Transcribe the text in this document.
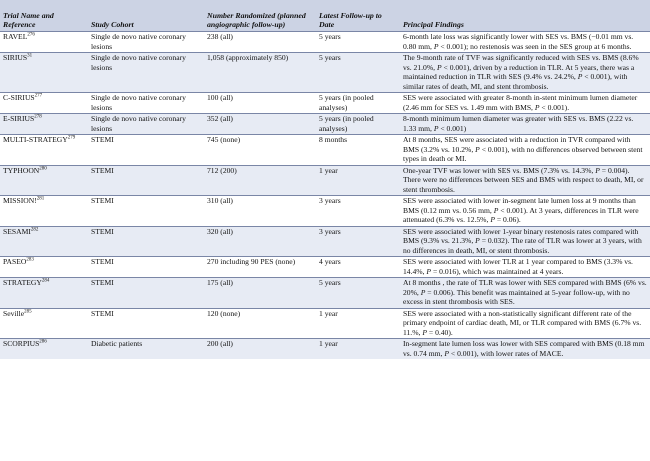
Trial Name and Reference	Study Cohort	Number Randomized (planned angiographic follow-up)	Latest Follow-up to Date	Principal Findings
RAVEL$^{276}$	Single de novo native coronary lesions	238 (all)	5 years	6-month late loss was significantly lower with SES vs. BMS (−0.01 mm vs. 0.80 mm, P < 0.001); no restenosis was seen in the SES group at 6 months.
SIRIUS$^{31}$	Single de novo native coronary lesions	1,058 (approximately 850)	5 years	The 9-month rate of TVF was significantly reduced with SES vs. BMS (8.6% vs. 21.0%, P < 0.001), driven by a reduction in TLR. At 5 years, there was a maintained reduction in TLR with SES (9.4% vs. 24.2%, P < 0.001), with similar rates of death, MI, and stent thrombosis.
C-SIRIUS$^{277}$	Single de novo native coronary lesions	100 (all)	5 years (in pooled analyses)	SES were associated with greater 8-month in-stent minimum lumen diameter (2.46 mm for SES vs. 1.49 mm with BMS, P < 0.001).
E-SIRIUS$^{278}$	Single de novo native coronary lesions	352 (all)	5 years (in pooled analyses)	8-month minimum lumen diameter was greater with SES vs. BMS (2.22 vs. 1.33 mm, P < 0.001)
MULTI-STRATEGY$^{279}$	STEMI	745 (none)	8 months	At 8 months, SES were associated with a reduction in TVR compared with BMS (3.2% vs. 10.2%, P < 0.001), with no differences observed between stent types in death or MI.
TYPHOON$^{280}$	STEMI	712 (200)	1 year	One-year TVF was lower with SES vs. BMS (7.3% vs. 14.3%, P = 0.004). There were no differences between SES and BMS with respect to death, MI, or stent thrombosis.
MISSION!$^{281}$	STEMI	310 (all)	3 years	SES were associated with lower in-segment late lumen loss at 9 months than BMS (0.12 mm vs. 0.56 mm, P < 0.001). At 3 years, differences in TLR were attenuated (6.3% vs. 12.5%, P = 0.06).
SESAMI$^{282}$	STEMI	320 (all)	3 years	SES were associated with lower 1-year binary restenosis rates compared with BMS (9.3% vs. 21.3%, P = 0.032). The rate of TLR was lower at 3 years, with no differences in death, MI, or stent thrombosis.
PASEO$^{283}$	STEMI	270 including 90 PES (none)	4 years	SES were associated with lower TLR at 1 year compared to BMS (3.3% vs. 14.4%, P = 0.016), which was maintained at 4 years.
STRATEGY$^{284}$	STEMI	175 (all)	5 years	At 8 months , the rate of TLR was lower with SES compared with BMS (6% vs. 20%, P = 0.006). This benefit was maintained at 5-year follow-up, with no excess in stent thrombosis with SES.
Seville$^{285}$	STEMI	120 (none)	1 year	SES were associated with a non-statistically significant different rate of the primary endpoint of cardiac death, MI, or TLR compared with BMS (6.7% vs. 11.%, P = 0.40).
SCORPIUS$^{286}$	Diabetic patients	200 (all)	1 year	In-segment late lumen loss was lower with SES compared with BMS (0.18 mm vs. 0.74 mm, P < 0.001), with lower rates of MACE.
